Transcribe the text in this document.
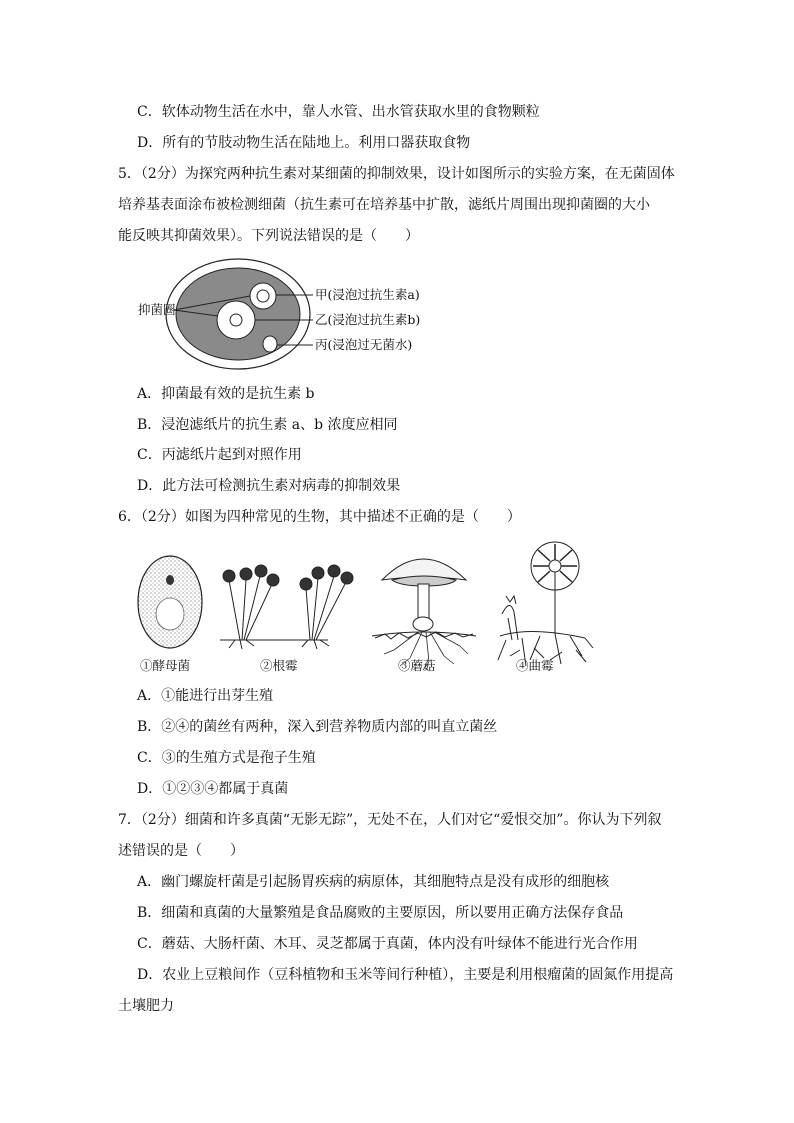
C．软体动物生活在水中，靠人水管、出水管获取水里的食物颗粒
D．所有的节肢动物生活在陆地上。利用口器获取食物
5．（2分）为探究两种抗生素对某细菌的抑制效果，设计如图所示的实验方案，在无菌固体
培养基表面涂布被检测细菌（抗生素可在培养基中扩散，滤纸片周围出现抑菌圈的大小
能反映其抑菌效果）。下列说法错误的是（　　）
抑菌圈
甲(浸泡过抗生素a)
乙(浸泡过抗生素b)
丙(浸泡过无菌水)
A．抑菌最有效的是抗生素 b
B．浸泡滤纸片的抗生素 a、b 浓度应相同
C．丙滤纸片起到对照作用
D．此方法可检测抗生素对病毒的抑制效果
6．（2分）如图为四种常见的生物，其中描述不正确的是（　　）
①酵母菌	②根霉	③蘑菇	④曲霉
A．①能进行出芽生殖
B．②④的菌丝有两种，深入到营养物质内部的叫直立菌丝
C．③的生殖方式是孢子生殖
D．①②③④都属于真菌
7．（2分）细菌和许多真菌“无影无踪”，无处不在，人们对它“爱恨交加”。你认为下列叙
述错误的是（　　）
A．幽门螺旋杆菌是引起肠胃疾病的病原体，其细胞特点是没有成形的细胞核
B．细菌和真菌的大量繁殖是食品腐败的主要原因，所以要用正确方法保存食品
C．蘑菇、大肠杆菌、木耳、灵芝都属于真菌，体内没有叶绿体不能进行光合作用
D．农业上豆粮间作（豆科植物和玉米等间行种植），主要是利用根瘤菌的固氮作用提高
土壤肥力
